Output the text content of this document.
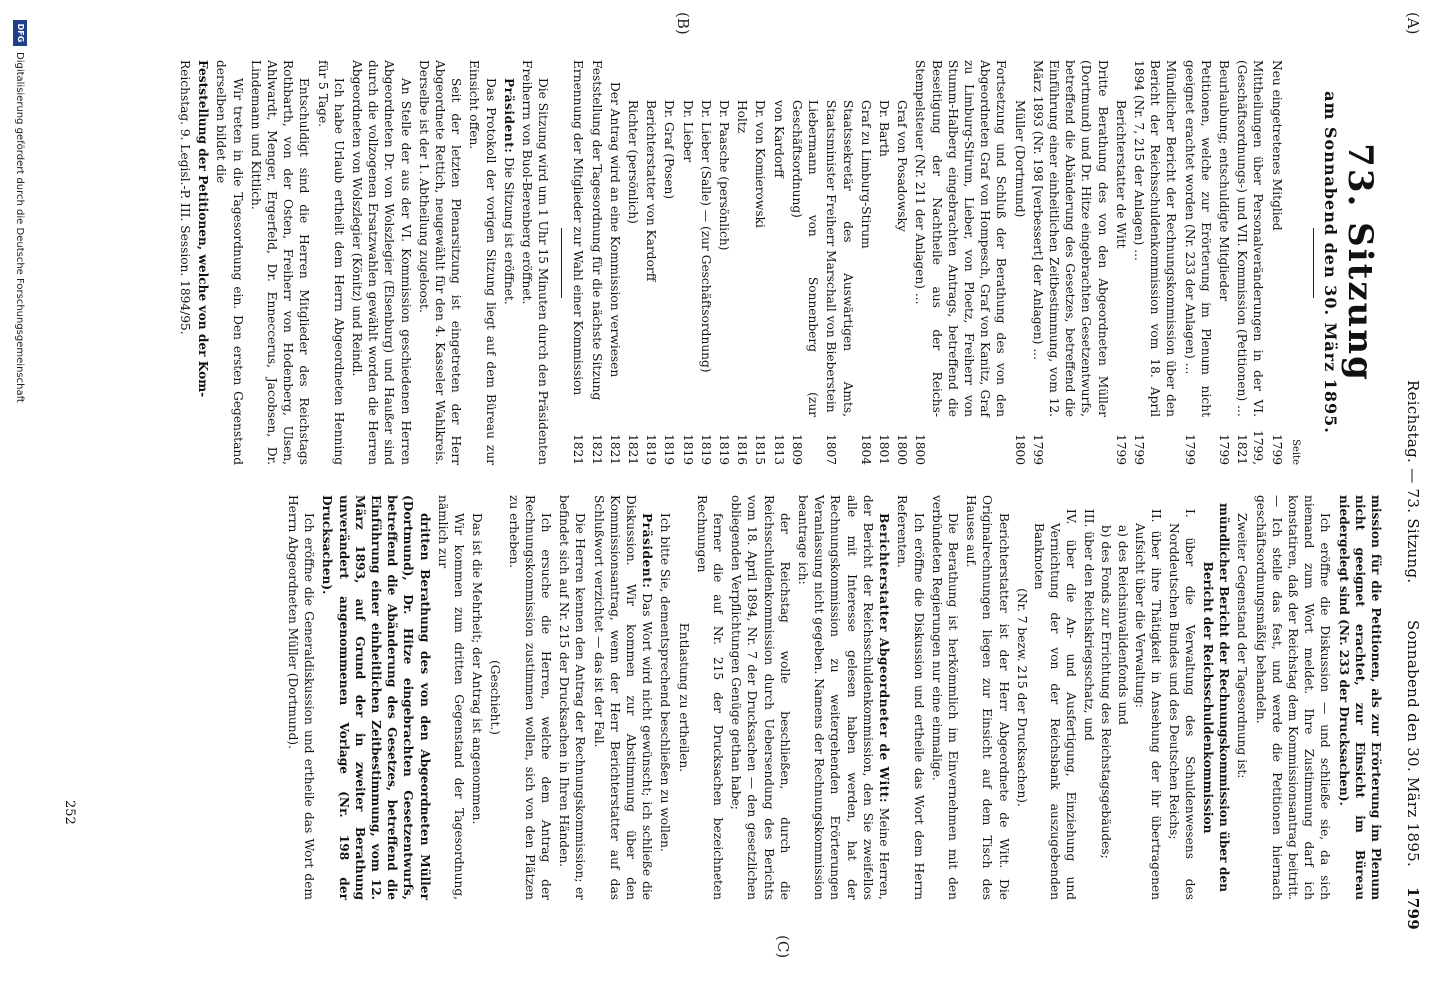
(A)
Reichstag. — 73. Sitzung.
Sonnabend den 30. März 1895.
1799
73. Sitzung
am Sonnabend den 30. März 1895.
Seite
Neu eingetretenes Mitglied
1799
Mittheilungen über Personalveränderungen in der VI. (Geschäftsordnungs-) und VII. Kommission (Petitionen) ...
1799, 1821
Beurlaubung; entschuldigte Mitglieder
1799
Petitionen, welche zur Erörterung im Plenum nicht geeignet erachtet worden (Nr. 233 der Anlagen) ...
1799
Mündlicher Bericht der Rechnungskommission über den Bericht der Reichsschuldenkommission vom 18. April 1894 (Nr. 7, 215 der Anlagen) ...
1799
Berichterstatter de Witt
1799
Dritte Berathung des von den Abgeordneten Müller (Dortmund) und Dr. Hitze eingebrachten Gesetzentwurfs, betreffend die Abänderung des Gesetzes, betreffend die Einführung einer einheitlichen Zeitbestimmung, vom 12. März 1893 (Nr. 198 [verbessert] der Anlagen) ...
1799
Müller (Dortmund)
1800
Fortsetzung und Schluß der Berathung des von den Abgeordneten Graf von Hompesch, Graf von Kanitz, Graf zu Limburg-Stirum, Lieber, von Ploetz, Freiherr von Stumm-Halberg eingebrachten Antrags, betreffend die Beseitigung der Nachtheile aus der Reichs-Stempelsteuer (Nr. 211 der Anlagen) ...
1800
Graf von Posadowsky
1800
Dr. Barth
1801
Graf zu Limburg-Stirum
1804
Staatssekretär des Auswärtigen Amts, Staatsminister Freiherr Marschall von Bieberstein
1807
Liebermann von Sonnenberg (zur Geschäftsordnung)
1809
von Kardorff
1813
Dr. von Komierowski
1815
Holtz
1816
Dr. Paasche (persönlich)
1819
Dr. Lieber (Salle) — (zur Geschäftsordnung)
1819
Dr. Lieber
1819
Dr. Graf (Posen)
1819
Berichterstatter von Kardorff
1819
Richter (persönlich)
1821
Der Antrag wird an eine Kommission verwiesen
1821
Feststellung der Tagesordnung für die nächste Sitzung
1821
Ernennung der Mitglieder zur Wahl einer Kommission
1821

Die Sitzung wird um 1 Uhr 15 Minuten durch den Präsidenten Freiherrn von Buol-Berenberg eröffnet.

Präsident: Die Sitzung ist eröffnet.

Das Protokoll der vorigen Sitzung liegt auf dem Büreau zur Einsicht offen.

Seit der letzten Plenarsitzung ist eingetreten der Herr Abgeordnete Rettich, neugewählt für den 4. Kasseler Wahlkreis. Derselbe ist der 1. Abtheilung zugeloost.

An Stelle der aus der VI. Kommission geschiedenen Herren Abgeordneten Dr. von Wolszlegier (Elsenburg) und Haußer sind durch die vollzogenen Ersatzwahlen gewählt worden die Herren Abgeordneten von Wolszlegier (Könitz) und Reindl.

Ich habe Urlaub ertheilt dem Herrn Abgeordneten Henning für 5 Tage.

Entschuldigt sind die Herren Mitglieder des Reichstags Rothbarth, von der Osten, Freiherr von Hodenberg, Ulsen, Ahlwardt, Menger, Ergerfeld, Dr. Enneccerus, Jacobsen, Dr. Lindemann und Kittlich.

Wir treten in die Tagesordnung ein. Den ersten Gegenstand derselben bildet die

Feststellung der Petitionen, welche von der Kom-

Reichstag. 9. Legisl.-P. III. Session. 1894/95.

(B)

mission für die Petitionen, als zur Erörterung im Plenum nicht geeignet erachtet, zur Einsicht im Büreau niedergelegt sind (Nr. 233 der Drucksachen).

Ich eröffne die Diskussion — und schließe sie, da sich niemand zum Wort meldet. Ihre Zustimmung darf ich konstatiren, daß der Reichstag dem Kommissionsantrag beitritt. — Ich stelle das fest, und werde die Petitionen hiernach geschäftsordnungsmäßig behandeln.

Zweiter Gegenstand der Tagesordnung ist:

mündlicher Bericht der Rechnungskommission über den Bericht der Reichsschuldenkommission

I. über die Verwaltung des Schuldenwesens des Norddeutschen Bundes und des Deutschen Reichs;

II. über ihre Thätigkeit in Ansehung der ihr übertragenen Aufsicht über die Verwaltung:

a) des Reichsinvalidenfonds und

b) des Fonds zur Errichtung des Reichstagsgebäudes;

III. über den Reichskriegsschatz, und

IV. über die An- und Ausfertigung, Einziehung und Vernichtung der von der Reichsbank auszugebenden Banknoten

(Nr. 7 bezw. 215 der Drucksachen).

Berichterstatter ist der Herr Abgeordnete de Witt. Die Originalrechnungen liegen zur Einsicht auf dem Tisch des Hauses auf.

Die Berathung ist herkömmlich im Einvernehmen mit den verbündeten Regierungen nur eine einmalige.

Ich eröffne die Diskussion und ertheile das Wort dem Herrn Referenten.

Berichterstatter Abgeordneter de Witt: Meine Herren, der Bericht der Reichsschuldenkommission, den Sie zweifellos alle mit Interesse gelesen haben werden, hat der Rechnungskommission zu weitergehenden Erörterungen Veranlassung nicht gegeben. Namens der Rechnungskommission beantrage ich:

der Reichstag wolle beschließen, durch die Reichsschuldenkommission durch Uebersendung des Berichts vom 18. April 1894, Nr. 7 der Drucksachen — den gesetzlichen obliegenden Verpflichtungen Genüge gethan habe;

ferner die auf Nr. 215 der Drucksachen bezeichneten Rechnungen

Entlastung zu ertheilen.

Ich bitte Sie, dementsprechend beschließen zu wollen.

Präsident: Das Wort wird nicht gewünscht; ich schließe die Diskussion. Wir kommen zur Abstimmung über den Kommissionsantrag, wenn der Herr Berichterstatter auf das Schlußwort verzichtet — das ist der Fall.

Die Herren kennen den Antrag der Rechnungskommission; er befindet sich auf Nr. 215 der Drucksachen in Ihren Händen.

Ich ersuche die Herren, welche dem Antrag der Rechnungskommission zustimmen wollen, sich von den Plätzen zu erheben.

(Geschieht.)

Das ist die Mehrheit; der Antrag ist angenommen.

Wir kommen zum dritten Gegenstand der Tagesordnung, nämlich zur

dritten Berathung des von den Abgeordneten Müller (Dortmund), Dr. Hitze eingebrachten Gesetzentwurfs, betreffend die Abänderung des Gesetzes, betreffend die Einführung einer einheitlichen Zeitbestimmung, vom 12. März 1893, auf Grund der in zweiter Berathung unverändert angenommenen Vorlage (Nr. 198 der Drucksachen).

Ich eröffne die Generaldiskussion und ertheile das Wort dem Herrn Abgeordneten Müller (Dortmund).

(C)
252
DFG
Digitalisierung gefördert durch die Deutsche Forschungsgemeinschaft
